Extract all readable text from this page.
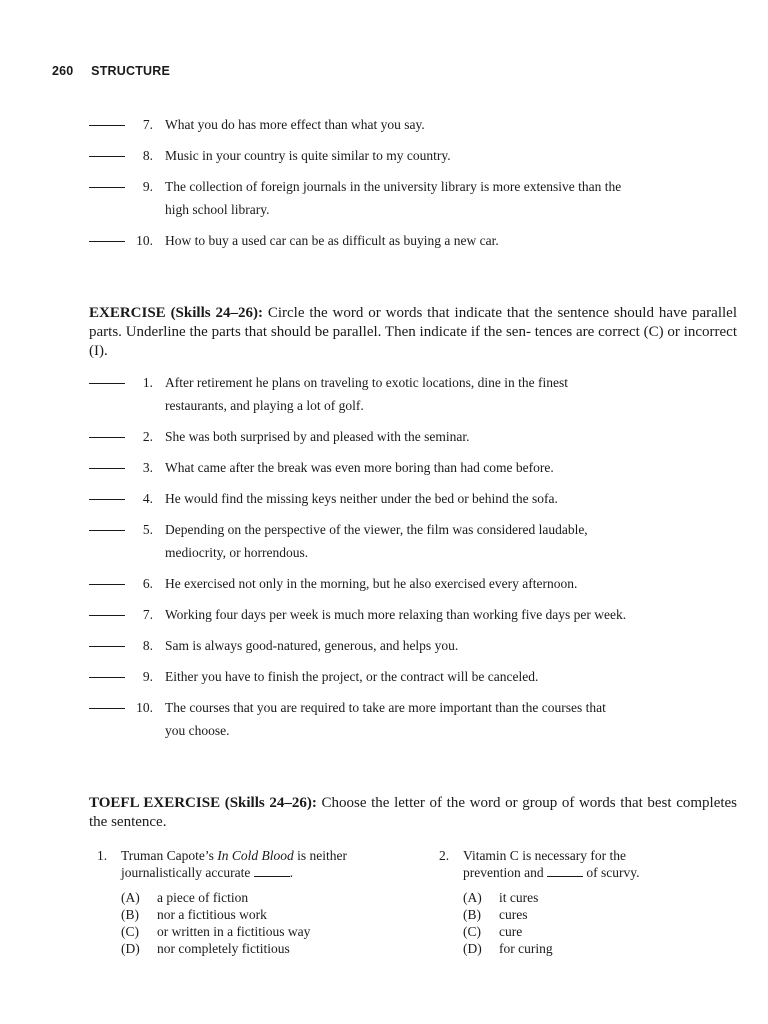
260 STRUCTURE
7. What you do has more effect than what you say.
8. Music in your country is quite similar to my country.
9. The collection of foreign journals in the university library is more extensive than the
high school library.
10. How to buy a used car can be as difficult as buying a new car.
EXERCISE (Skills 24–26): Circle the word or words that indicate that the sentence should have parallel parts. Underline the parts that should be parallel. Then indicate if the sen- tences are correct (C) or incorrect (I).
1. After retirement he plans on traveling to exotic locations, dine in the finest
restaurants, and playing a lot of golf.
2. She was both surprised by and pleased with the seminar.
3. What came after the break was even more boring than had come before.
4. He would find the missing keys neither under the bed or behind the sofa.
5. Depending on the perspective of the viewer, the film was considered laudable,
mediocrity, or horrendous.
6. He exercised not only in the morning, but he also exercised every afternoon.
7. Working four days per week is much more relaxing than working five days per week.
8. Sam is always good-natured, generous, and helps you.
9. Either you have to finish the project, or the contract will be canceled.
10. The courses that you are required to take are more important than the courses that
you choose.
TOEFL EXERCISE (Skills 24–26): Choose the letter of the word or group of words that best completes the sentence.
1. Truman Capote’s In Cold Blood is neither
journalistically accurate	.
(A)	a piece of fiction
(B)	nor a fictitious work
(C)	or written in a fictitious way
(D)	nor completely fictitious
2. Vitamin C is necessary for the
prevention and	of scurvy.
(A)	it cures
(B)	cures
(C)	cure
(D)	for curing
